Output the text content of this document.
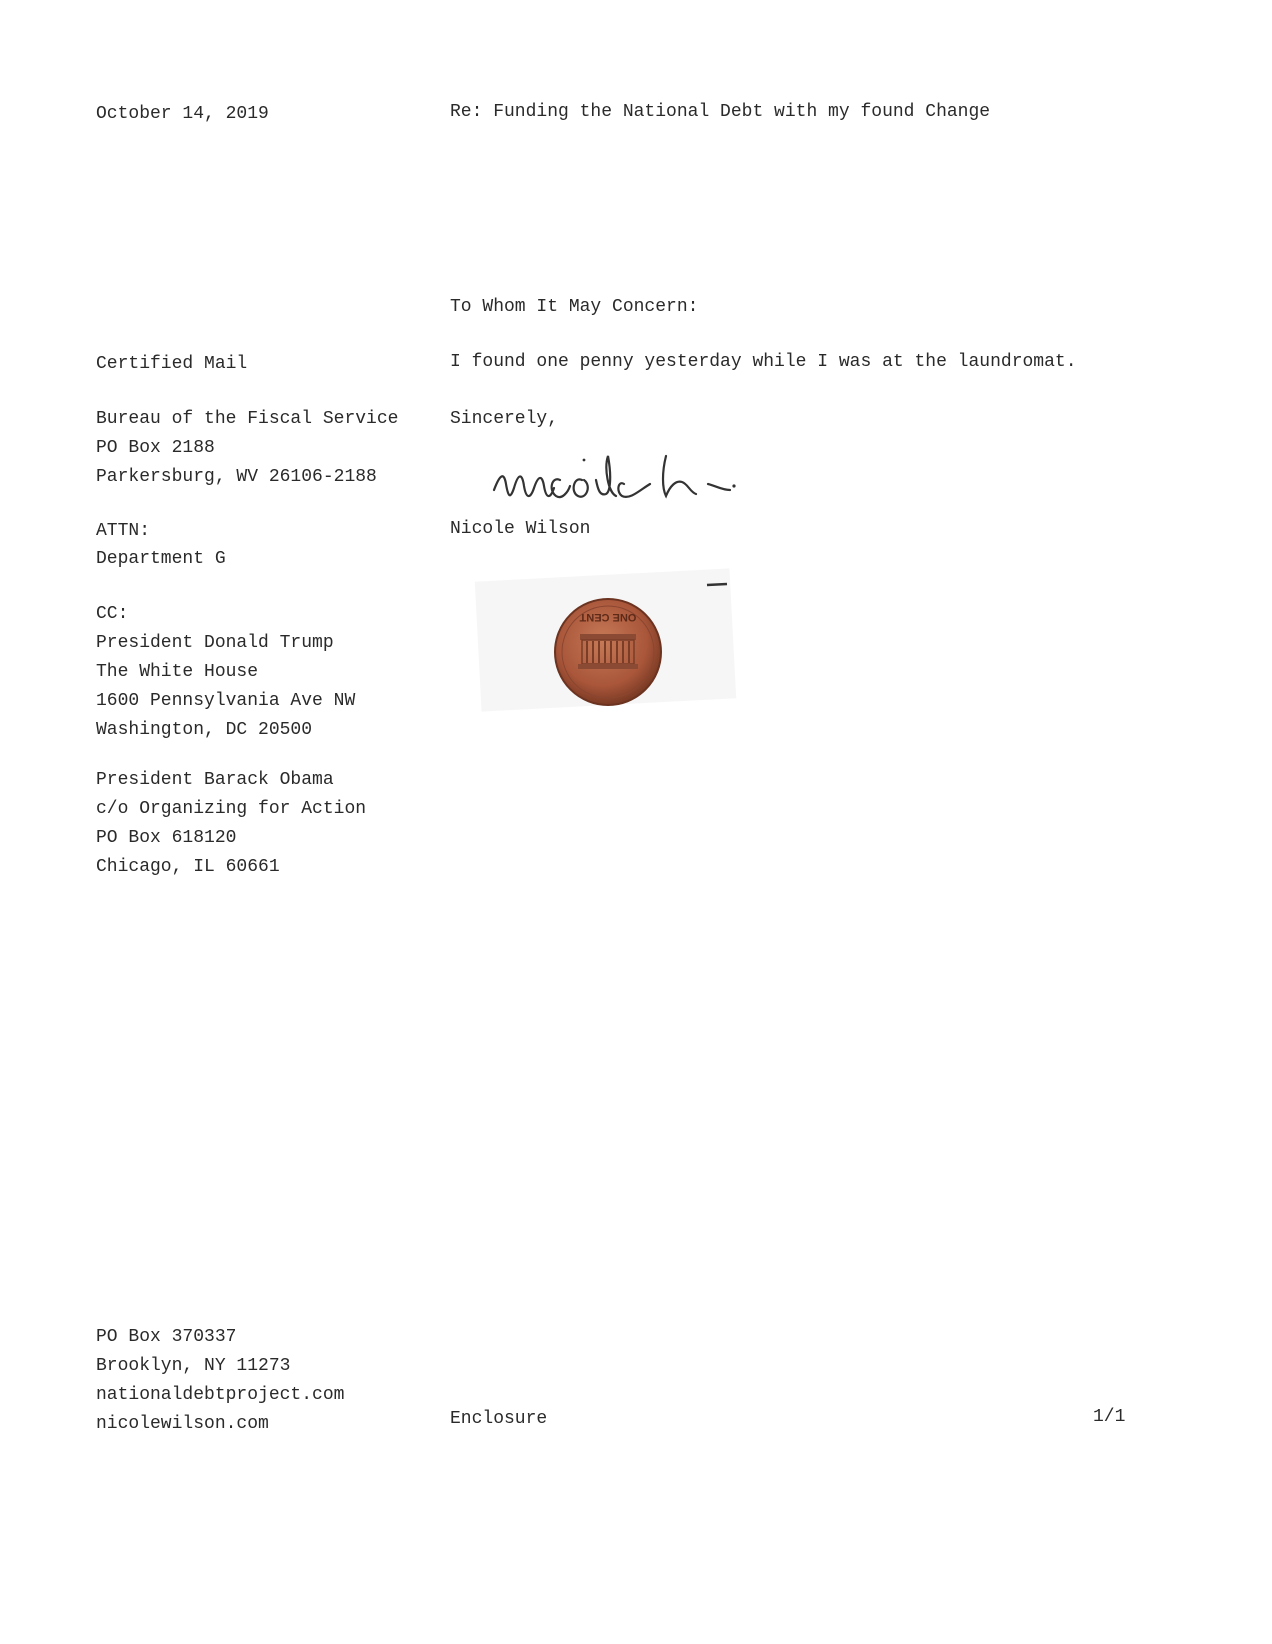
October 14, 2019	Re: Funding the National Debt with my found Change
To Whom It May Concern:
Certified Mail	I found one penny yesterday while I was at the laundromat.
Bureau of the Fiscal Service
PO Box 2188
Parkersburg, WV 26106-2188
Sincerely,
Nicole Wilson
ATTN:
Department G
ONE CENT
CC:
President Donald Trump
The White House
1600 Pennsylvania Ave NW
Washington, DC 20500
President Barack Obama
c/o Organizing for Action
PO Box 618120
Chicago, IL 60661
PO Box 370337
Brooklyn, NY 11273
nationaldebtproject.com
nicolewilson.com	Enclosure	1/1
